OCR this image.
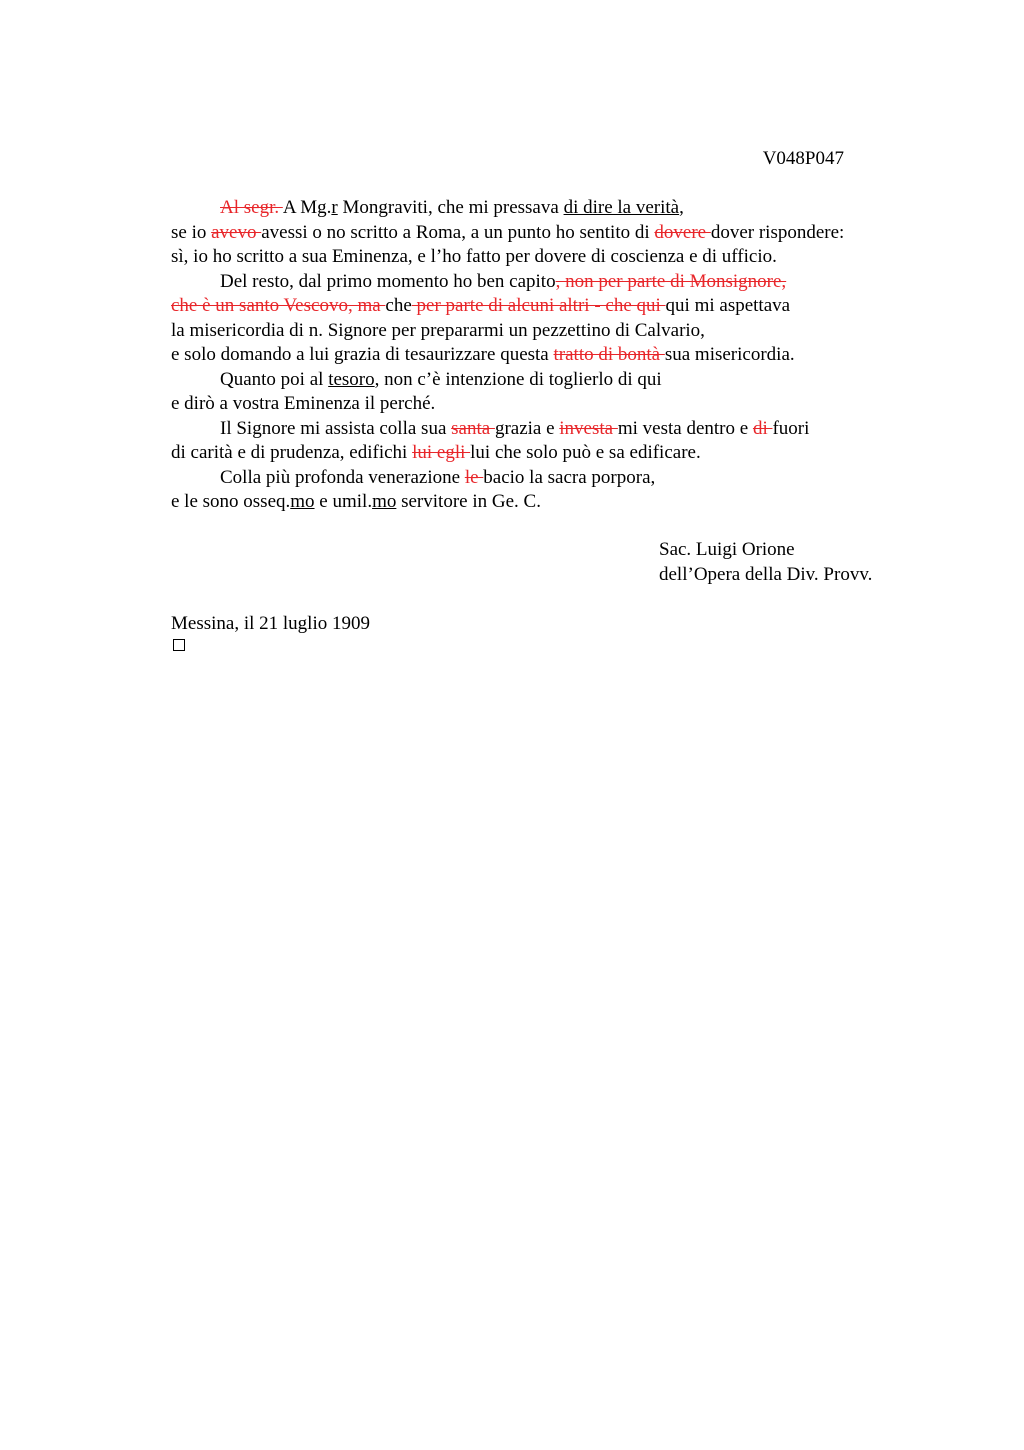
V048P047
Al segr. A Mg.r Mongraviti, che mi pressava di dire la verità,
se io avevo avessi o no scritto a Roma, a un punto ho sentito di dovere dover rispondere:
sì, io ho scritto a sua Eminenza, e l’ho fatto per dovere di coscienza e di ufficio.
Del resto, dal primo momento ho ben capito, non per parte di Monsignore,
che è un santo Vescovo, ma che per parte di alcuni altri - che qui qui mi aspettava
la misericordia di n. Signore per prepararmi un pezzettino di Calvario,
e solo domando a lui grazia di tesaurizzare questa tratto di bontà sua misericordia.
Quanto poi al tesoro, non c’è intenzione di toglierlo di qui
e dirò a vostra Eminenza il perché.
Il Signore mi assista colla sua santa grazia e investa mi vesta dentro e di fuori
di carità e di prudenza, edifichi lui egli lui che solo può e sa edificare.
Colla più profonda venerazione le bacio la sacra porpora,
e le sono osseq.mo e umil.mo servitore in Ge. C.
Sac. Luigi Orione
dell’Opera della Div. Provv.
Messina, il 21 luglio 1909
